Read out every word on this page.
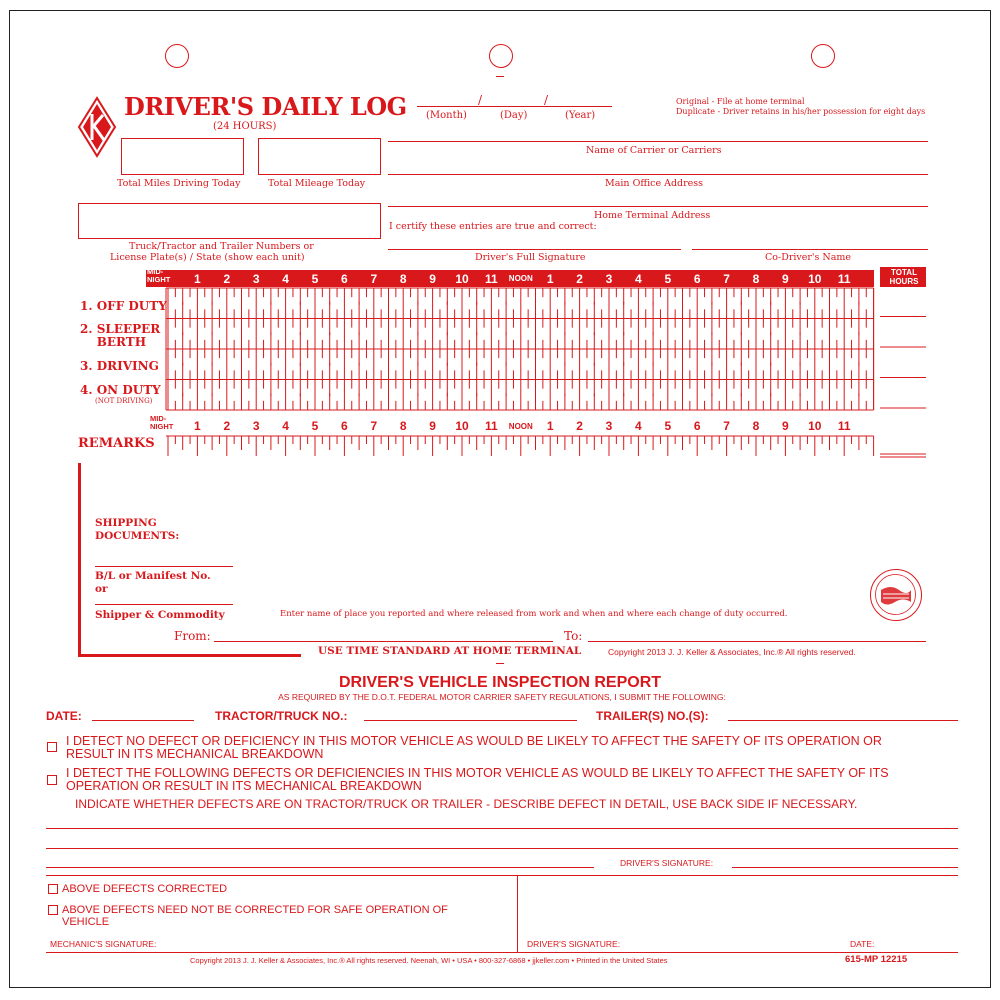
DRIVER'S DAILY LOG
(24 HOURS)
/	/
(Month)	(Day)	(Year)
Original - File at home terminal
Duplicate - Driver retains in his/her possession for eight days
Total Miles Driving Today	Total Mileage Today
Name of Carrier or Carriers
Main Office Address
Home Terminal Address
Truck/Tractor and Trailer Numbers or
License Plate(s) / State (show each unit)
I certify these entries are true and correct:
Driver's Full Signature	Co-Driver's Name
1 2 3 4 5 6 7 8 9 10 11 NOON 1 2 3 4 5 6 7 8 9 10 11
MID-
NIGHT
TOTAL
HOURS
1. OFF DUTY
2. SLEEPER
BERTH
3. DRIVING
4. ON DUTY
(NOT DRIVING)
MID-
NIGHT 1 2 3 4 5 6 7 8 9 10 11 NOON 1 2 3 4 5 6 7 8 9 10 11
REMARKS
SHIPPING
DOCUMENTS:
B/L or Manifest No.
or
Shipper & Commodity	Enter name of place you reported and where released from work and when and where each change of duty occurred.
From:	To:
USE TIME STANDARD AT HOME TERMINAL	Copyright 2013 J. J. Keller & Associates, Inc.® All rights reserved.
DRIVER'S VEHICLE INSPECTION REPORT
AS REQUIRED BY THE D.O.T. FEDERAL MOTOR CARRIER SAFETY REGULATIONS, I SUBMIT THE FOLLOWING:
DATE:	TRACTOR/TRUCK NO.:	TRAILER(S) NO.(S):
I DETECT NO DEFECT OR DEFICIENCY IN THIS MOTOR VEHICLE AS WOULD BE LIKELY TO AFFECT THE SAFETY OF ITS OPERATION OR
RESULT IN ITS MECHANICAL BREAKDOWN
I DETECT THE FOLLOWING DEFECTS OR DEFICIENCIES IN THIS MOTOR VEHICLE AS WOULD BE LIKELY TO AFFECT THE SAFETY OF ITS
OPERATION OR RESULT IN ITS MECHANICAL BREAKDOWN
INDICATE WHETHER DEFECTS ARE ON TRACTOR/TRUCK OR TRAILER - DESCRIBE DEFECT IN DETAIL, USE BACK SIDE IF NECESSARY.
DRIVER'S SIGNATURE:
ABOVE DEFECTS CORRECTED
ABOVE DEFECTS NEED NOT BE CORRECTED FOR SAFE OPERATION OF
VEHICLE
MECHANIC'S SIGNATURE:	DRIVER'S SIGNATURE:	DATE:
Copyright 2013 J. J. Keller & Associates, Inc.® All rights reserved. Neenah, WI • USA • 800-327-6868 • jjkeller.com • Printed in the United States	615-MP 12215
